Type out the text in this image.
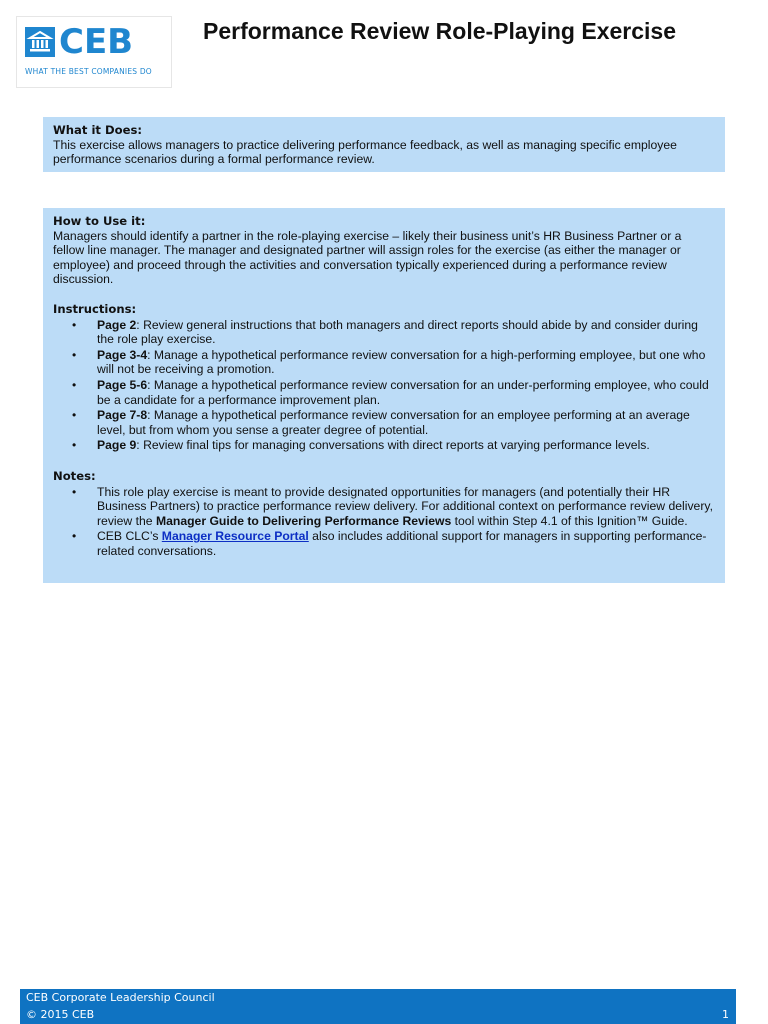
CEB
WHAT THE BEST COMPANIES DO
Performance Review Role-Playing Exercise

What it Does:

This exercise allows managers to practice delivering performance feedback, as well as managing specific employee performance scenarios during a formal performance review.

How to Use it:

Managers should identify a partner in the role-playing exercise – likely their business unit’s HR Business Partner or a fellow line manager. The manager and designated partner will assign roles for the exercise (as either the manager or employee) and proceed through the activities and conversation typically experienced during a performance review discussion.

Instructions:

• Page 2: Review general instructions that both managers and direct reports should abide by and consider during the role play exercise.
• Page 3-4: Manage a hypothetical performance review conversation for a high-performing employee, but one who will not be receiving a promotion.
• Page 5-6: Manage a hypothetical performance review conversation for an under-performing employee, who could be a candidate for a performance improvement plan.
• Page 7-8: Manage a hypothetical performance review conversation for an employee performing at an average level, but from whom you sense a greater degree of potential.
• Page 9: Review final tips for managing conversations with direct reports at varying performance levels.

Notes:

• This role play exercise is meant to provide designated opportunities for managers (and potentially their HR Business Partners) to practice performance review delivery. For additional context on performance review delivery, review the Manager Guide to Delivering Performance Reviews tool within Step 4.1 of this Ignition™ Guide.
• CEB CLC’s Manager Resource Portal also includes additional support for managers in supporting performance-related conversations.
CEB Corporate Leadership Council
© 2015 CEB	1
